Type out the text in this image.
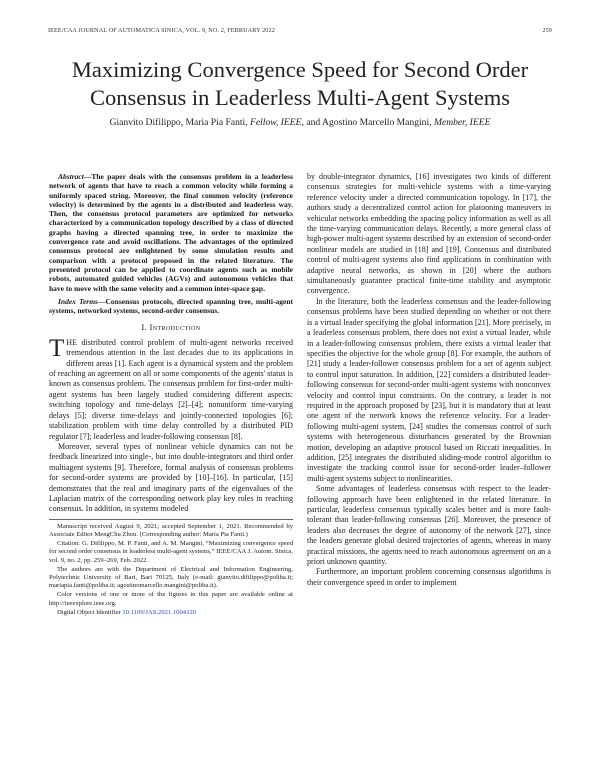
IEEE/CAA JOURNAL OF AUTOMATICA SINICA, VOL. 9, NO. 2, FEBRUARY 2022	259
Maximizing Convergence Speed for Second Order Consensus in Leaderless Multi-Agent Systems
Gianvito Difilippo, Maria Pia Fanti, Fellow, IEEE, and Agostino Marcello Mangini, Member, IEEE

Abstract—The paper deals with the consensus problem in a leaderless network of agents that have to reach a common velocity while forming a uniformly spaced string. Moreover, the final common velocity (reference velocity) is determined by the agents in a distributed and leaderless way. Then, the consensus protocol parameters are optimized for networks characterized by a communication topology described by a class of directed graphs having a directed spanning tree, in order to maximize the convergence rate and avoid oscillations. The advantages of the optimized consensus protocol are enlightened by some simulation results and comparison with a protocol proposed in the related literature. The presented protocol can be applied to coordinate agents such as mobile robots, automated guided vehicles (AGVs) and autonomous vehicles that have to move with the same velocity and a common inter-space gap.

Index Terms—Consensus protocols, directed spanning tree, multi-agent systems, networked systems, second-order consensus.

I. Introduction

THE distributed control problem of multi-agent networks received tremendous attention in the last decades due to its applications in different areas [1]. Each agent is a dynamical system and the problem of reaching an agreement on all or some components of the agents' status is known as consensus problem. The consensus problem for first-order multi-agent systems has been largely studied considering different aspects: switching topology and time-delays [2]–[4]; nonuniform time-varying delays [5]; diverse time-delays and jointly-connected topologies [6]; stabilization problem with time delay controlled by a distributed PID regulator [7]; leaderless and leader-following consensus [8].

Moreover, several types of nonlinear vehicle dynamics can not be feedback linearized into single-, but into double-integrators and third order multiagent systems [9]. Therefore, formal analysis of consensus problems for second-order systems are provided by [10]–[16]. In particular, [15] demonstrates that the real and imaginary parts of the eigenvalues of the Laplacian matrix of the corresponding network play key roles in reaching consensus. In addition, in systems modeled

Manuscript received August 9, 2021; accepted September 1, 2021. Recommended by Associate Editor MengChu Zhou. (Corresponding author: Maria Pia Fanti.)

Citation: G. Difilippo, M. P. Fanti, and A. M. Mangini, “Maximizing convergence speed for second order consensus in leaderless multi-agent systems,” IEEE/CAA J. Autom. Sinica, vol. 9, no. 2, pp. 259–269, Feb. 2022.

The authors are with the Department of Electrical and Information Engineering, Polytechnic University of Bari, Bari 70125, Italy (e-mail: gianvito.difilippo@poliba.it; mariapia.fanti@poliba.it; agostinomarcello.mangini@poliba.it).

Color versions of one or more of the figures in this paper are available online at http://ieeexplore.ieee.org.

Digital Object Identifier 10.1109/JAS.2021.1004320

by double-integrator dynamics, [16] investigates two kinds of different consensus strategies for multi-vehicle systems with a time-varying reference velocity under a directed communication topology. In [17], the authors study a decentralized control action for platooning maneuvers in vehicular networks embedding the spacing policy information as well as all the time-varying communication delays. Recently, a more general class of high-power multi-agent systems described by an extension of second-order nonlinear models are studied in [18] and [19]. Consensus and distributed control of multi-agent systems also find applications in combination with adaptive neural networks, as shown in [20] where the authors simultaneously guarantee practical finite-time stability and asymptotic convergence.

In the literature, both the leaderless consensus and the leader-following consensus problems have been studied depending on whether or not there is a virtual leader specifying the global information [21]. More precisely, in a leaderless consensus problem, there does not exist a virtual leader, while in a leader-following consensus problem, there exists a virtual leader that specifies the objective for the whole group [8]. For example, the authors of [21] study a leader-follower consensus problem for a set of agents subject to control input saturation. In addition, [22] considers a distributed leader-following consensus for second-order multi-agent systems with nonconvex velocity and control input constraints. On the contrary, a leader is not required in the approach proposed by [23], but it is mandatory that at least one agent of the network knows the reference velocity. For a leader-following multi-agent system, [24] studies the consensus control of such systems with heterogeneous disturbances generated by the Brownian motion, developing an adaptive protocol based on Riccati inequalities. In addition, [25] integrates the distributed sliding-mode control algorithm to investigate the tracking control issue for second-order leader–follower multi-agent systems subject to nonlinearities.

Some advantages of leaderless consensus with respect to the leader-following approach have been enlightened in the related literature. In particular, leaderless consensus typically scales better and is more fault-tolerant than leader-following consensus [26]. Moreover, the presence of leaders also decreases the degree of autonomy of the network [27], since the leaders generate global desired trajectories of agents, whereas in many practical missions, the agents need to reach autonomous agreement on an a priori unknown quantity.

Furthermore, an important problem concerning consensus algorithms is their convergence speed in order to implement
